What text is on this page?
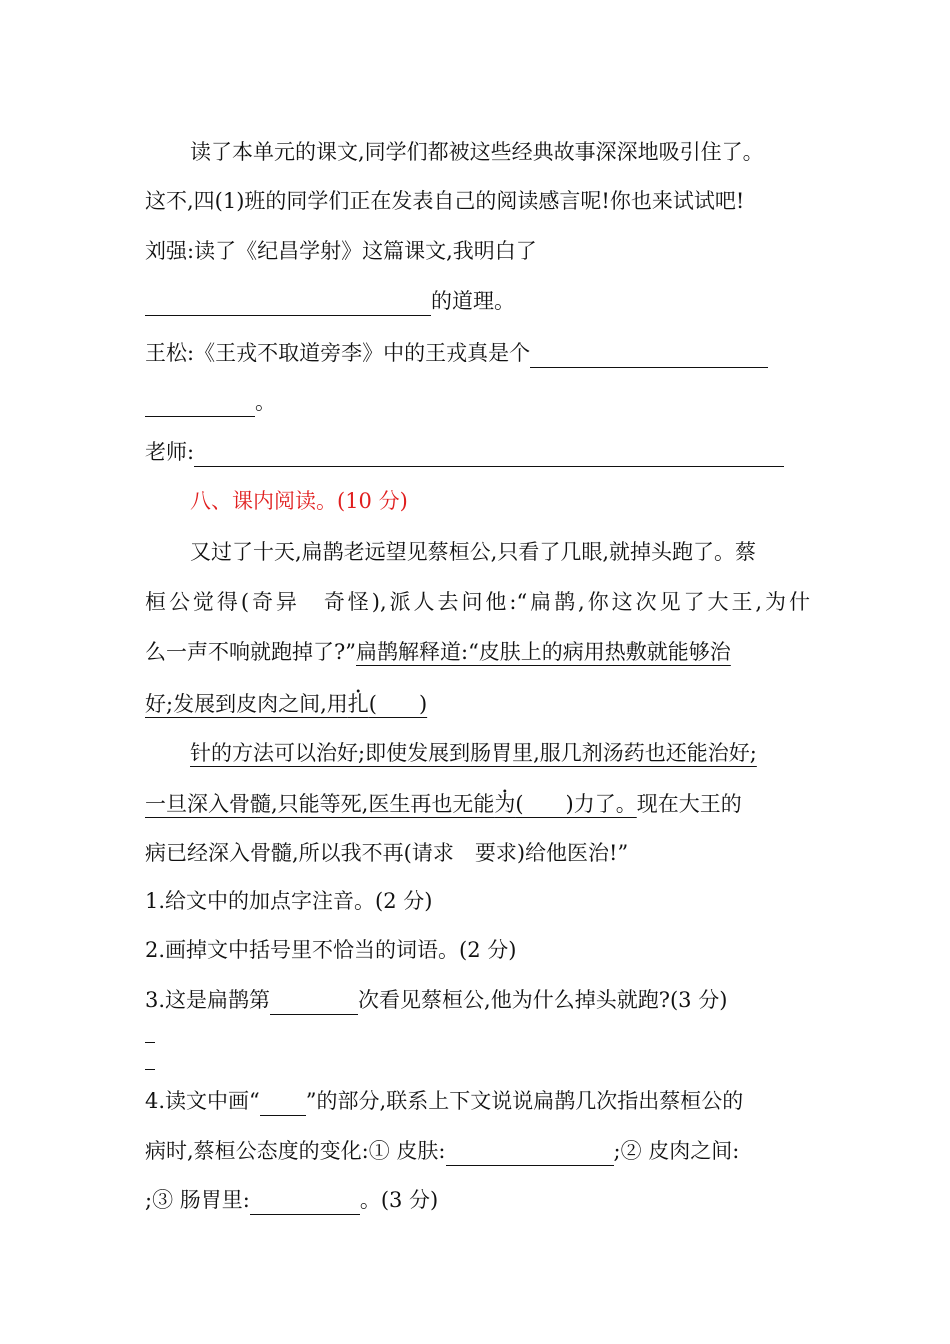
读了本单元的课文,同学们都被这些经典故事深深地吸引住了。
这不,四(1)班的同学们正在发表自己的阅读感言呢!你也来试试吧!
刘强:读了《纪昌学射》这篇课文,我明白了
的道理。
王松:《王戎不取道旁李》中的王戎真是个
。
老师:
八、课内阅读。(10 分)
又过了十天,扁鹊老远望见蔡桓公,只看了几眼,就掉头跑了。蔡
桓公觉得(奇异　奇怪),派人去问他:“扁鹊,你这次见了大王,为什
么一声不响就跑掉了?”扁鹊解释道:“皮肤上的病用热敷就能够治
好;发展到皮肉之间,用扎(　　)
针的方法可以治好;即使发展到肠胃里,服几剂汤药也还能治好;
一旦深入骨髓,只能等死,医生再也无能为(　　)力了。现在大王的
病已经深入骨髓,所以我不再(请求　要求)给他医治!”
1.给文中的加点字注音。(2 分)
2.画掉文中括号里不恰当的词语。(2 分)
3.这是扁鹊第	次看见蔡桓公,他为什么掉头就跑?(3 分)
4.读文中画“ ”的部分,联系上下文说说扁鹊几次指出蔡桓公的
病时,蔡桓公态度的变化:① 皮肤:	;② 皮肉之间:
;③ 肠胃里:	。(3 分)
